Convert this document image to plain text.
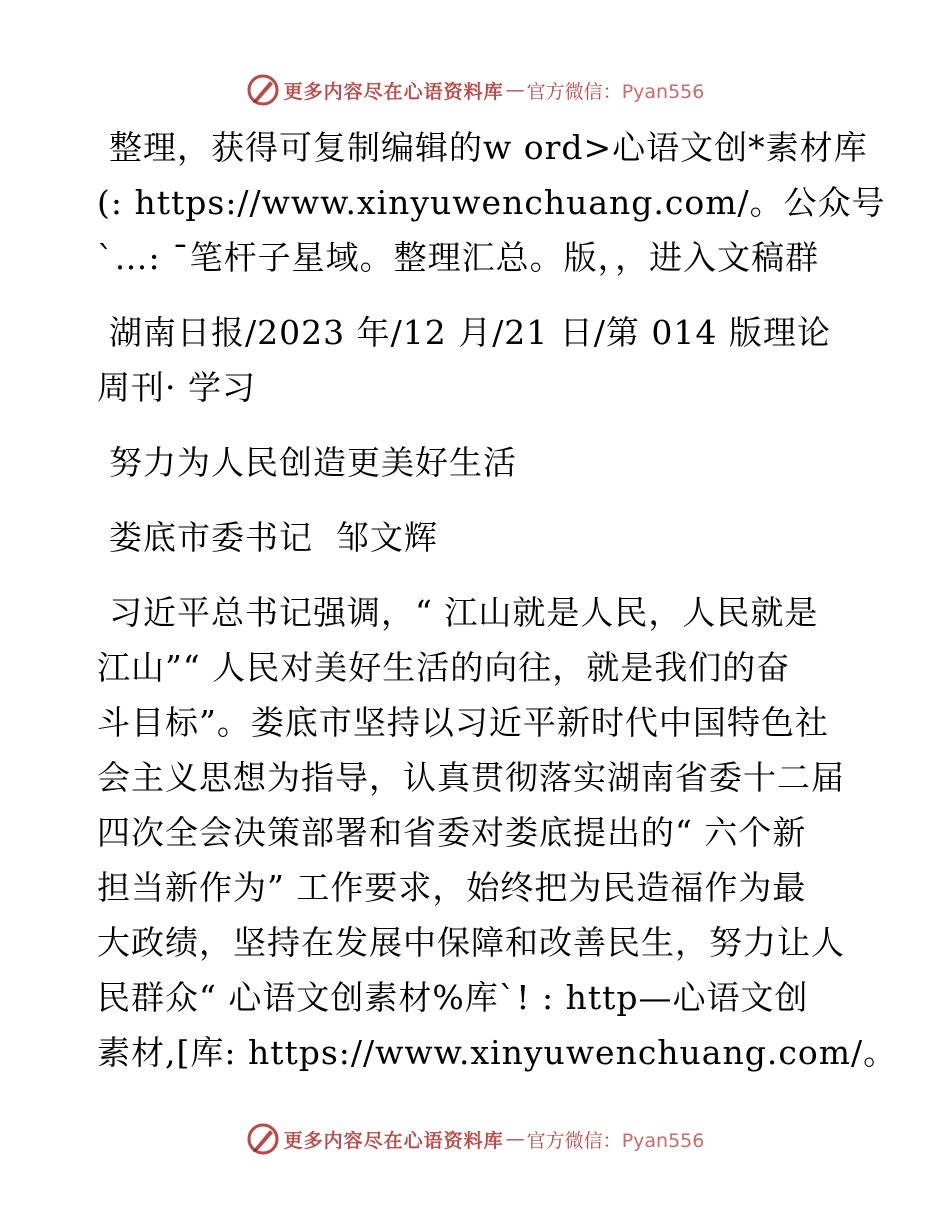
更多内容尽在心语资料库 — 官方微信：Pyan556
整理，获得可复制编辑的w ord>心语文创*素材库
(: https://www.xinyuwenchuang.com/。公众号
`…: ¯笔杆子星域。整理汇总。版，，进入文稿群
湖南日报/2023 年/12 月/21 日/第 014 版理论
周刊· 学习
努力为人民创造更美好生活
娄底市委书记  邹文辉
习近平总书记强调，“ 江山就是人民，人民就是
江山”“ 人民对美好生活的向往，就是我们的奋
斗目标”。娄底市坚持以习近平新时代中国特色社
会主义思想为指导，认真贯彻落实湖南省委十二届
四次全会决策部署和省委对娄底提出的“ 六个新
担当新作为” 工作要求，始终把为民造福作为最
大政绩，坚持在发展中保障和改善民生，努力让人
民群众“ 心语文创素材%库`! : http—心语文创
素材,[库: https://www.xinyuwenchuang.com/。
更多内容尽在心语资料库 — 官方微信：Pyan556
